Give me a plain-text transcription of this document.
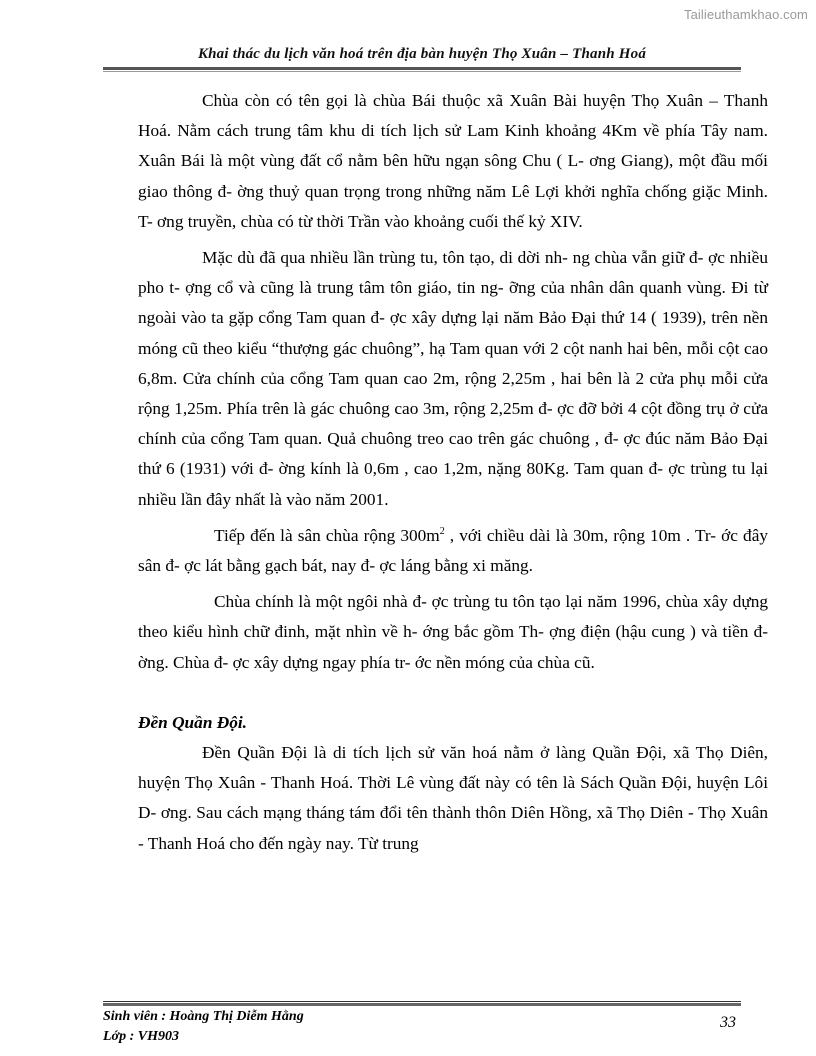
Tailieuthamkhao.com
Khai thác du lịch văn hoá trên địa bàn huyện Thọ Xuân – Thanh Hoá

Chùa còn có tên gọi là chùa Bái thuộc xã Xuân Bài huyện Thọ Xuân – Thanh Hoá. Nằm cách trung tâm khu di tích lịch sử Lam Kinh khoảng 4Km về phía Tây nam. Xuân Bái là một vùng đất cổ nằm bên hữu ngạn sông Chu ( L- ơng Giang), một đầu mối giao thông đ- ờng thuỷ quan trọng trong những năm Lê Lợi khởi nghĩa chống giặc Minh. T- ơng truyền, chùa có từ thời Trần vào khoảng cuối thế kỷ XIV.

Mặc dù đã qua nhiều lần trùng tu, tôn tạo, di dời nh- ng chùa vẫn giữ đ- ợc nhiều pho t- ợng cổ và cũng là trung tâm tôn giáo, tin ng- ỡng của nhân dân quanh vùng. Đi từ ngoài vào ta gặp cổng Tam quan đ- ợc xây dựng lại năm Bảo Đại thứ 14 ( 1939), trên nền móng cũ theo kiểu “thượng gác chuông”, hạ Tam quan với 2 cột nanh hai bên, mỗi cột cao 6,8m. Cửa chính của cổng Tam quan cao 2m, rộng 2,25m , hai bên là 2 cửa phụ mỗi cửa rộng 1,25m. Phía trên là gác chuông cao 3m, rộng 2,25m đ- ợc đỡ bởi 4 cột đồng trụ ở cửa chính của cổng Tam quan. Quả chuông treo cao trên gác chuông , đ- ợc đúc năm Bảo Đại thứ 6 (1931) với đ- ờng kính là 0,6m , cao 1,2m, nặng 80Kg. Tam quan đ- ợc trùng tu lại nhiều lần đây nhất là vào năm 2001.

Tiếp đến là sân chùa rộng $300m^2$ , với chiều dài là 30m, rộng 10m . Tr- ớc đây sân đ- ợc lát bằng gạch bát, nay đ- ợc láng bằng xi măng.

Chùa chính là một ngôi nhà đ- ợc trùng tu tôn tạo lại năm 1996, chùa xây dựng theo kiểu hình chữ đinh, mặt nhìn về h- ớng bắc gồm Th- ợng điện (hậu cung ) và tiền đ- ờng. Chùa đ- ợc xây dựng ngay phía tr- ớc nền móng của chùa cũ.

Đền Quần Đội.

Đền Quần Đội là di tích lịch sử văn hoá nằm ở làng Quần Đội, xã Thọ Diên, huyện Thọ Xuân - Thanh Hoá. Thời Lê vùng đất này có tên là Sách Quần Đội, huyện Lôi D- ơng. Sau cách mạng tháng tám đổi tên thành thôn Diên Hồng, xã Thọ Diên - Thọ Xuân - Thanh Hoá cho đến ngày nay. Từ trung

Sinh viên : Hoàng Thị Diễm Hằng
Lớp : VH903
33
